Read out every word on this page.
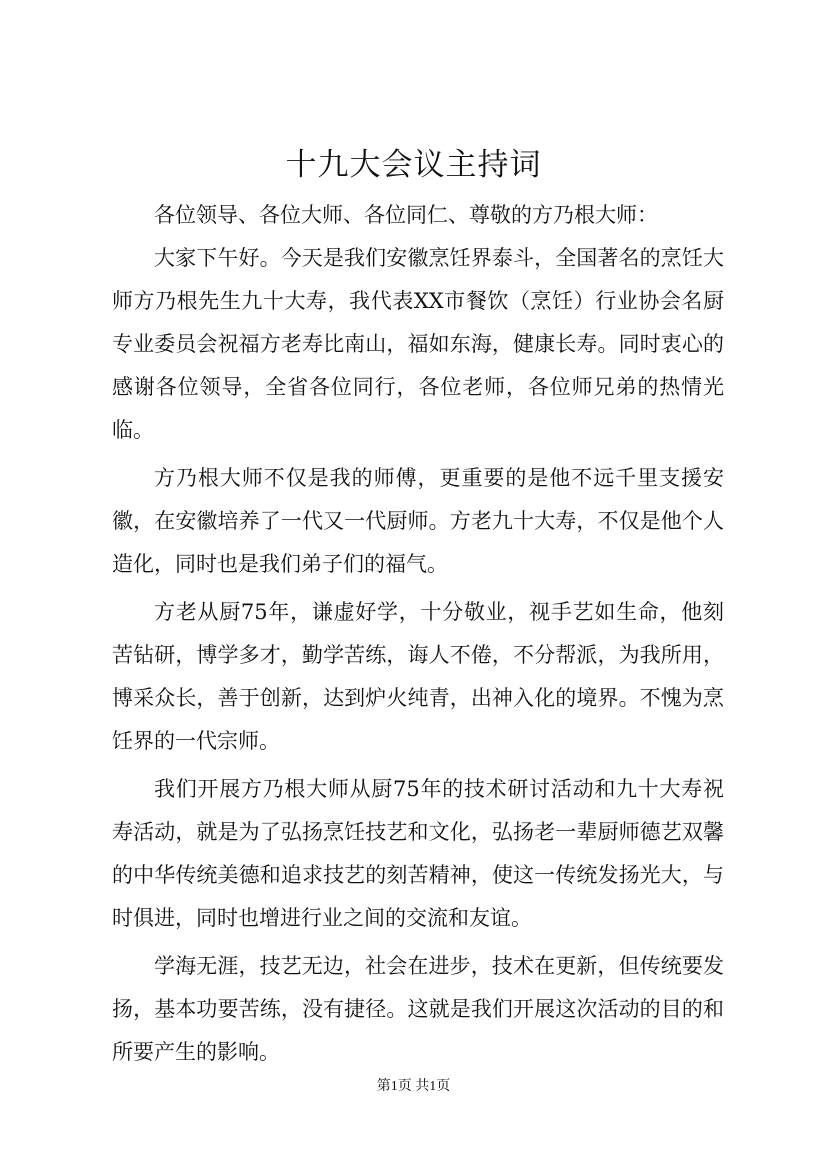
十九大会议主持词

各位领导、各位大师、各位同仁、尊敬的方乃根大师：

大家下午好。今天是我们安徽烹饪界泰斗，全国著名的烹饪大师方乃根先生九十大寿，我代表XX市餐饮（烹饪）行业协会名厨专业委员会祝福方老寿比南山，福如东海，健康长寿。同时衷心的感谢各位领导，全省各位同行，各位老师，各位师兄弟的热情光临。

方乃根大师不仅是我的师傅，更重要的是他不远千里支援安徽，在安徽培养了一代又一代厨师。方老九十大寿，不仅是他个人造化，同时也是我们弟子们的福气。

方老从厨75年，谦虚好学，十分敬业，视手艺如生命，他刻苦钻研，博学多才，勤学苦练，诲人不倦，不分帮派，为我所用，博采众长，善于创新，达到炉火纯青，出神入化的境界。不愧为烹饪界的一代宗师。

我们开展方乃根大师从厨75年的技术研讨活动和九十大寿祝寿活动，就是为了弘扬烹饪技艺和文化，弘扬老一辈厨师德艺双馨的中华传统美德和追求技艺的刻苦精神，使这一传统发扬光大，与时俱进，同时也增进行业之间的交流和友谊。

学海无涯，技艺无边，社会在进步，技术在更新，但传统要发扬，基本功要苦练，没有捷径。这就是我们开展这次活动的目的和所要产生的影响。

第1页 共1页
